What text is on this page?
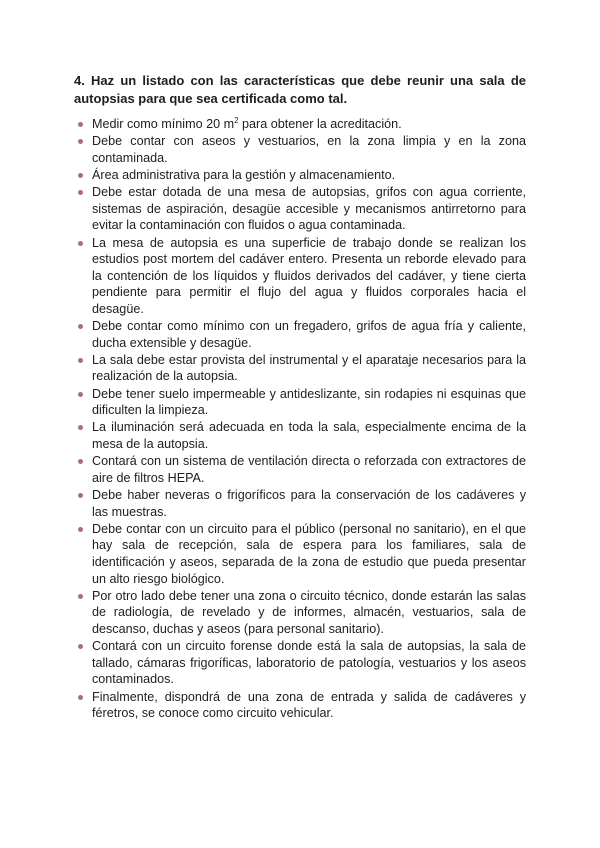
4. Haz un listado con las características que debe reunir una sala de autopsias para que sea certificada como tal.

Medir como mínimo 20 $m^2$ para obtener la acreditación.
Debe contar con aseos y vestuarios, en la zona limpia y en la zona contaminada.
Área administrativa para la gestión y almacenamiento.
Debe estar dotada de una mesa de autopsias, grifos con agua corriente, sistemas de aspiración, desagüe accesible y mecanismos antirretorno para evitar la contaminación con fluidos o agua contaminada.
La mesa de autopsia es una superficie de trabajo donde se realizan los estudios post mortem del cadáver entero. Presenta un reborde elevado para la contención de los líquidos y fluidos derivados del cadáver, y tiene cierta pendiente para permitir el flujo del agua y fluidos corporales hacia el desagüe.
Debe contar como mínimo con un fregadero, grifos de agua fría y caliente, ducha extensible y desagüe.
La sala debe estar provista del instrumental y el aparataje necesarios para la realización de la autopsia.
Debe tener suelo impermeable y antideslizante, sin rodapies ni esquinas que dificulten la limpieza.
La iluminación será adecuada en toda la sala, especialmente encima de la mesa de la autopsia.
Contará con un sistema de ventilación directa o reforzada con extractores de aire de filtros HEPA.
Debe haber neveras o frigoríficos para la conservación de los cadáveres y las muestras.
Debe contar con un circuito para el público (personal no sanitario), en el que hay sala de recepción, sala de espera para los familiares, sala de identificación y aseos, separada de la zona de estudio que pueda presentar un alto riesgo biológico.
Por otro lado debe tener una zona o circuito técnico, donde estarán las salas de radiología, de revelado y de informes, almacén, vestuarios, sala de descanso, duchas y aseos (para personal sanitario).
Contará con un circuito forense donde está la sala de autopsias, la sala de tallado, cámaras frigoríficas, laboratorio de patología, vestuarios y los aseos contaminados.
Finalmente, dispondrá de una zona de entrada y salida de cadáveres y féretros, se conoce como circuito vehicular.
